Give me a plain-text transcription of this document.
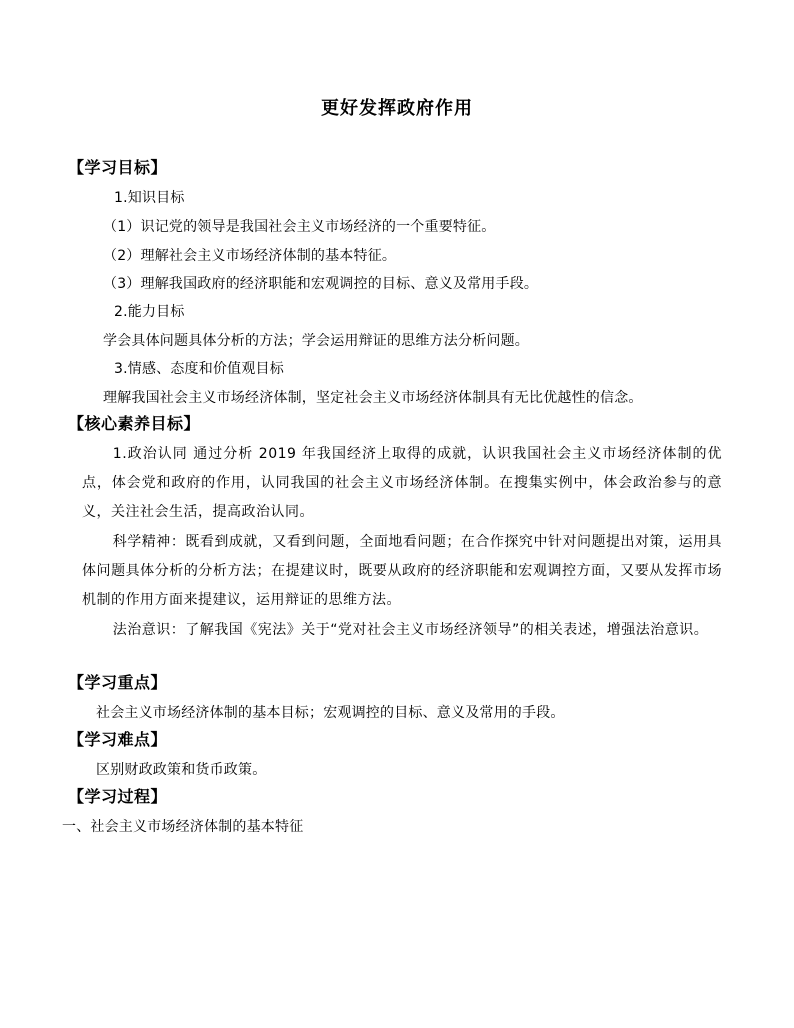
更好发挥政府作用
【学习目标】
1.知识目标
（1）识记党的领导是我国社会主义市场经济的一个重要特征。
（2）理解社会主义市场经济体制的基本特征。
（3）理解我国政府的经济职能和宏观调控的目标、意义及常用手段。
2.能力目标
学会具体问题具体分析的方法；学会运用辩证的思维方法分析问题。
3.情感、态度和价值观目标
理解我国社会主义市场经济体制，坚定社会主义市场经济体制具有无比优越性的信念。
【核心素养目标】
1.政治认同 通过分析 2019 年我国经济上取得的成就，认识我国社会主义市场经济体制的优点，体会党和政府的作用，认同我国的社会主义市场经济体制。在搜集实例中，体会政治参与的意义，关注社会生活，提高政治认同。
科学精神：既看到成就，又看到问题，全面地看问题；在合作探究中针对问题提出对策，运用具体问题具体分析的分析方法；在提建议时，既要从政府的经济职能和宏观调控方面，又要从发挥市场机制的作用方面来提建议，运用辩证的思维方法。
法治意识：了解我国《宪法》关于“党对社会主义市场经济领导”的相关表述，增强法治意识。
【学习重点】
社会主义市场经济体制的基本目标；宏观调控的目标、意义及常用的手段。
【学习难点】
区别财政政策和货币政策。
【学习过程】
一、社会主义市场经济体制的基本特征
